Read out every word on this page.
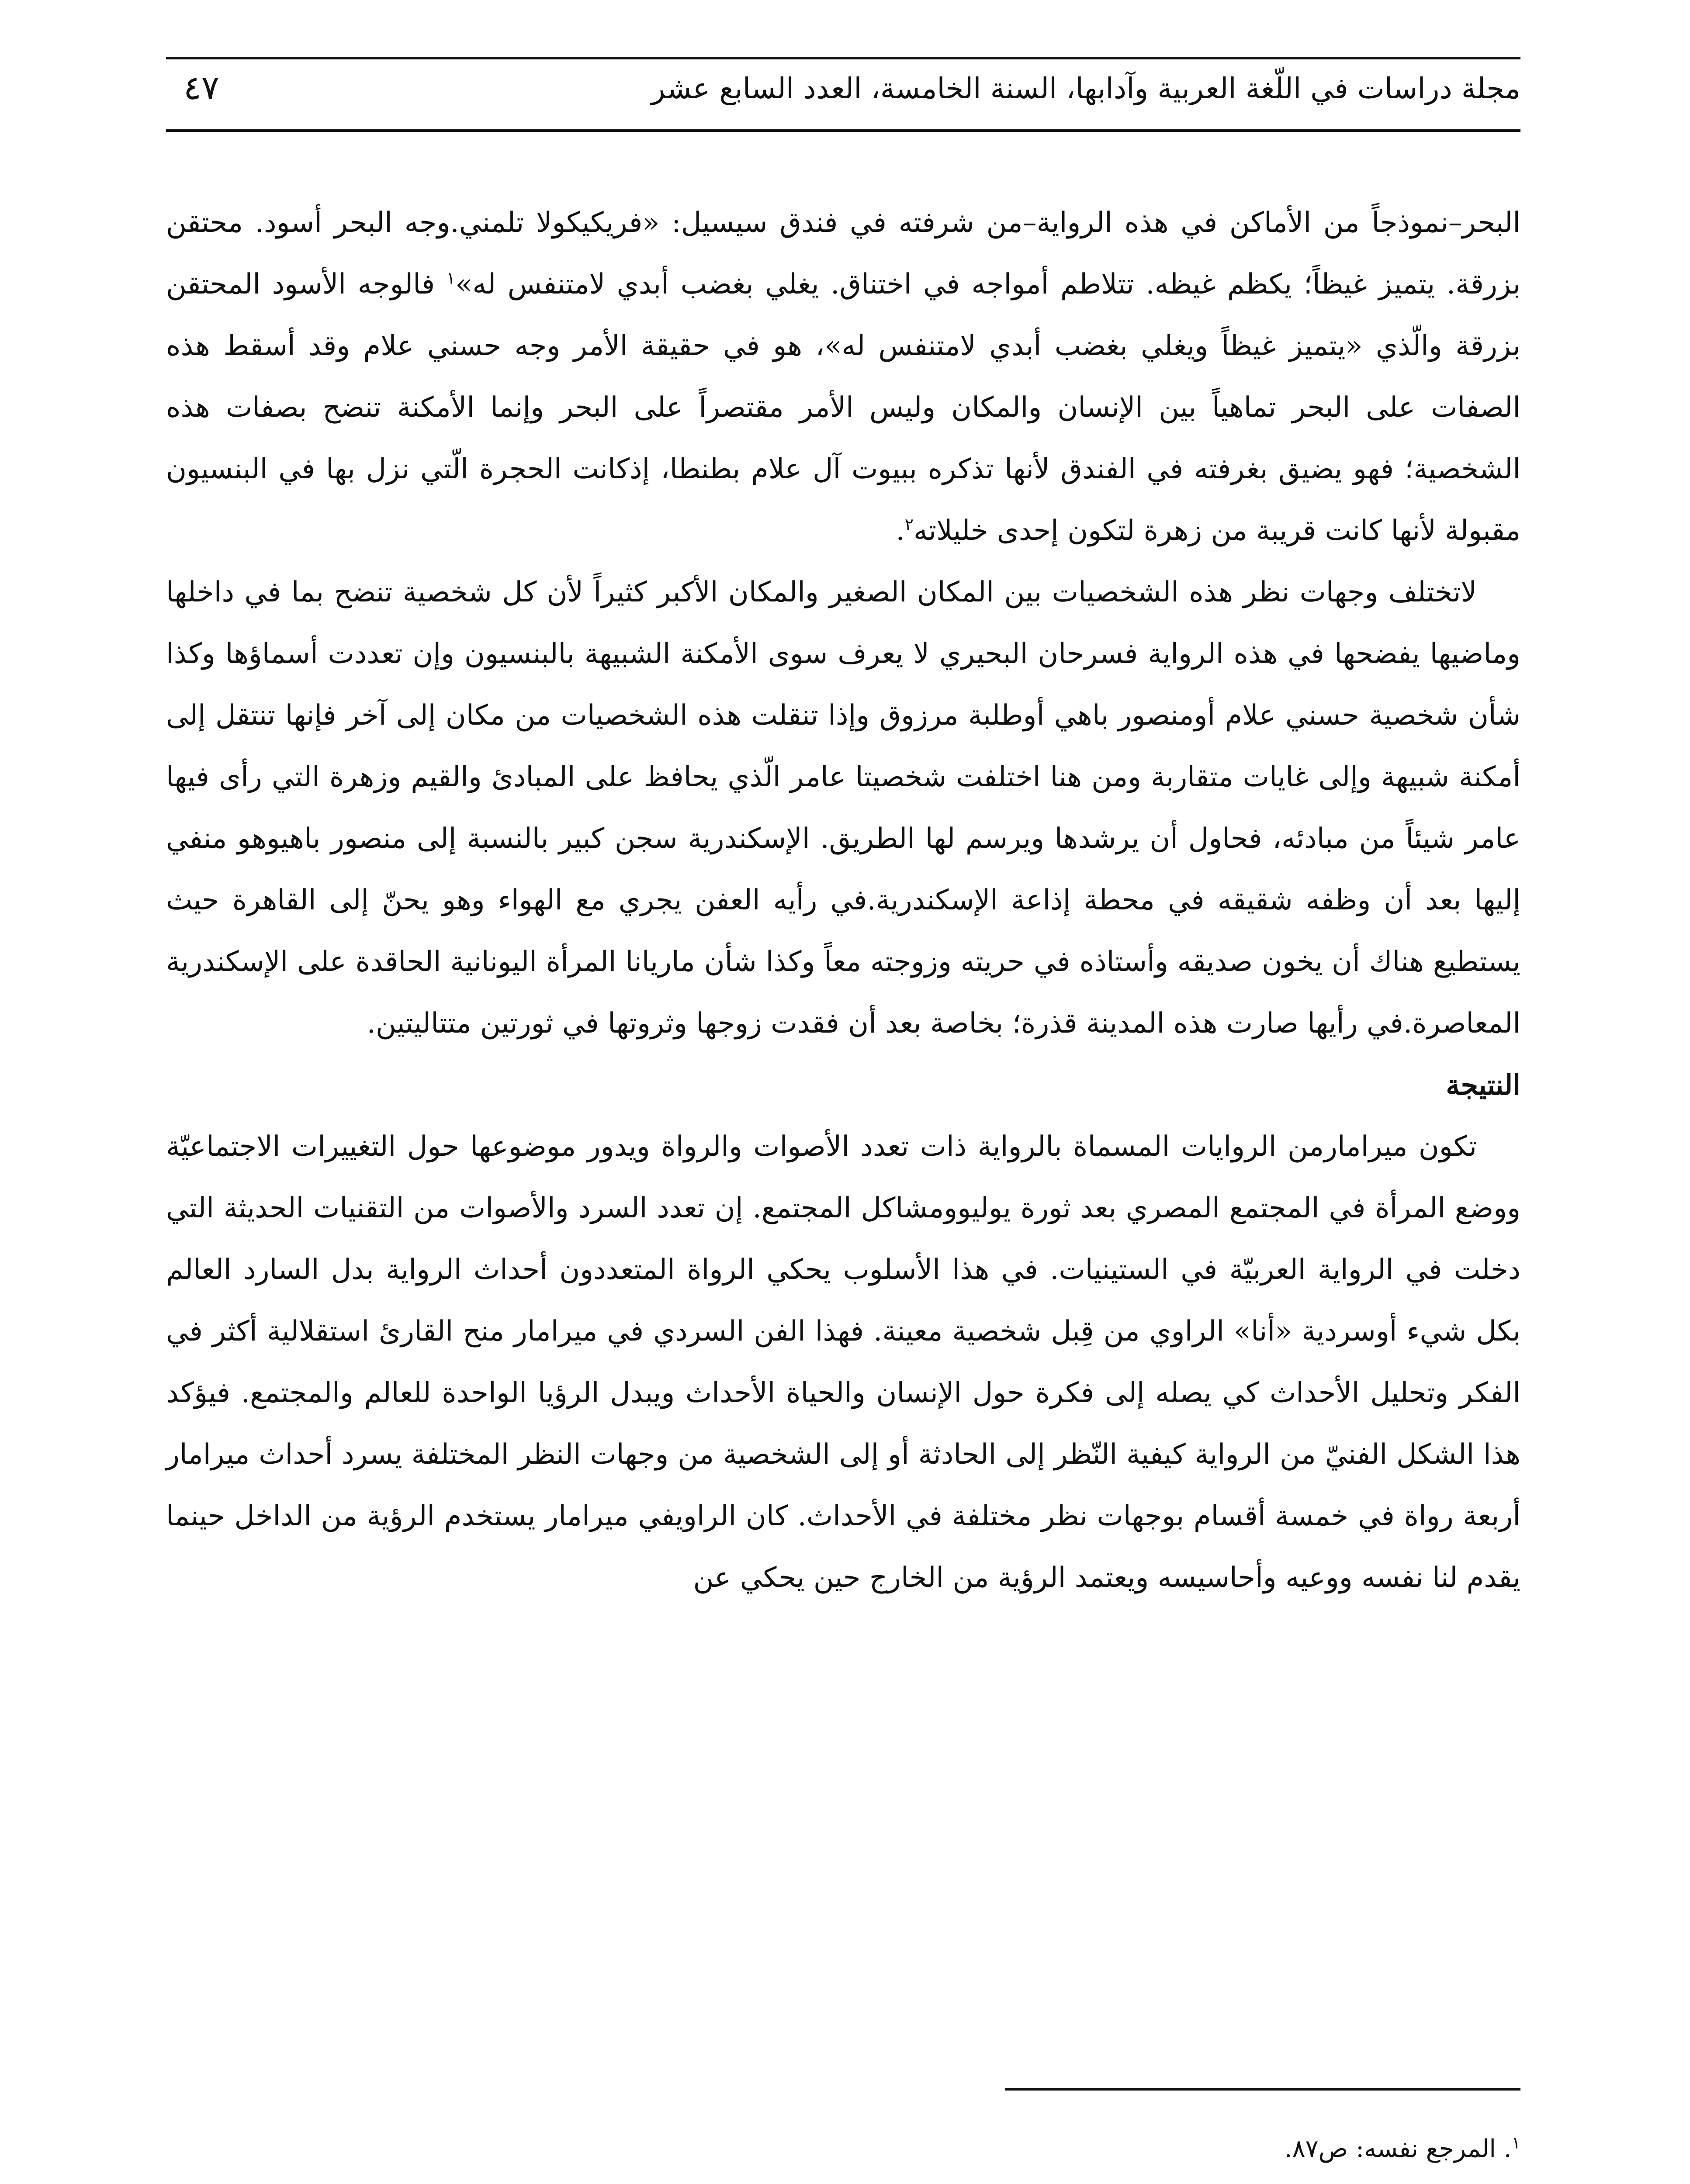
مجلة دراسات في اللّغة العربية وآدابها، السنة الخامسة، العدد السابع عشر
٤٧

البحر–نموذجاً من الأماكن في هذه الرواية–من شرفته في فندق سيسيل: «فريكيكولا تلمني.وجه البحر أسود. محتقن بزرقة. يتميز غيظاً؛ يكظم غيظه. تتلاطم أمواجه في اختناق. يغلي بغضب أبدي لامتنفس له»$^١$ فالوجه الأسود المحتقن بزرقة والّذي «يتميز غيظاً ويغلي بغضب أبدي لامتنفس له»، هو في حقيقة الأمر وجه حسني علام وقد أسقط هذه الصفات على البحر تماهياً بين الإنسان والمكان وليس الأمر مقتصراً على البحر وإنما الأمكنة تنضح بصفات هذه الشخصية؛ فهو يضيق بغرفته في الفندق لأنها تذكره ببيوت آل علام بطنطا، إذكانت الحجرة الّتي نزل بها في البنسيون مقبولة لأنها كانت قريبة من زهرة لتكون إحدى خليلاته$^٢$.

لاتختلف وجهات نظر هذه الشخصيات بين المكان الصغير والمكان الأكبر كثيراً لأن كل شخصية تنضح بما في داخلها وماضيها يفضحها في هذه الرواية فسرحان البحيري لا يعرف سوى الأمكنة الشبيهة بالبنسيون وإن تعددت أسماؤها وكذا شأن شخصية حسني علام أومنصور باهي أوطلبة مرزوق وإذا تنقلت هذه الشخصيات من مكان إلى آخر فإنها تنتقل إلى أمكنة شبيهة وإلى غايات متقاربة ومن هنا اختلفت شخصيتا عامر الّذي يحافظ على المبادئ والقيم وزهرة التي رأى فيها عامر شيئاً من مبادئه، فحاول أن يرشدها ويرسم لها الطريق. الإسكندرية سجن كبير بالنسبة إلى منصور باهيوهو منفي إليها بعد أن وظفه شقيقه في محطة إذاعة الإسكندرية.في رأيه العفن يجري مع الهواء وهو يحنّ إلى القاهرة حيث يستطيع هناك أن يخون صديقه وأستاذه في حريته وزوجته معاً وكذا شأن ماريانا المرأة اليونانية الحاقدة على الإسكندرية المعاصرة.في رأيها صارت هذه المدينة قذرة؛ بخاصة بعد أن فقدت زوجها وثروتها في ثورتين متتاليتين.

النتيجة

تكون ميرامارمن الروايات المسماة بالرواية ذات تعدد الأصوات والرواة ويدور موضوعها حول التغييرات الاجتماعيّة ووضع المرأة في المجتمع المصري بعد ثورة يوليوومشاكل المجتمع. إن تعدد السرد والأصوات من التقنيات الحديثة التي دخلت في الرواية العربيّة في الستينيات. في هذا الأسلوب يحكي الرواة المتعددون أحداث الرواية بدل السارد العالم بكل شيء أوسردية «أنا» الراوي من قِبل شخصية معينة. فهذا الفن السردي في ميرامار منح القارئ استقلالية أكثر في الفكر وتحليل الأحداث كي يصله إلى فكرة حول الإنسان والحياة الأحداث ويبدل الرؤيا الواحدة للعالم والمجتمع. فيؤكد هذا الشكل الفنيّ من الرواية كيفية النّظر إلى الحادثة أو إلى الشخصية من وجهات النظر المختلفة يسرد أحداث ميرامار أربعة رواة في خمسة أقسام بوجهات نظر مختلفة في الأحداث. كان الراويفي ميرامار يستخدم الرؤية من الداخل حينما يقدم لنا نفسه ووعيه وأحاسيسه ويعتمد الرؤية من الخارج حين يحكي عن

$^١$. المرجع نفسه: ص٨٧.
